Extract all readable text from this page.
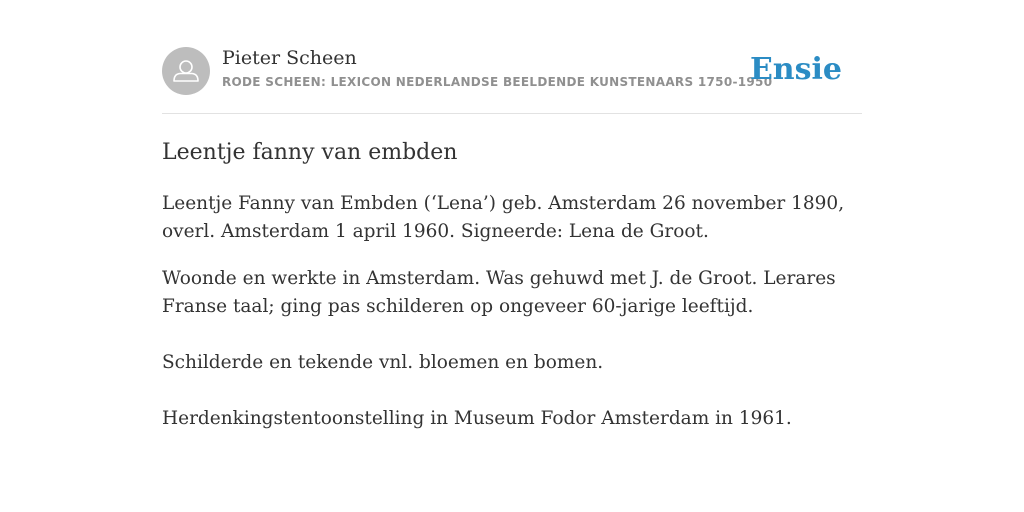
Pieter Scheen
RODE SCHEEN: LEXICON NEDERLANDSE BEELDENDE KUNSTENAARS 1750-1950
Ensie
Leentje fanny van embden

Leentje Fanny van Embden (‘Lena’) geb. Amsterdam 26 november 1890, overl. Amsterdam 1 april 1960. Signeerde: Lena de Groot.

Woonde en werkte in Amsterdam. Was gehuwd met J. de Groot. Lerares Franse taal; ging pas schilderen op ongeveer 60-jarige leeftijd.

Schilderde en tekende vnl. bloemen en bomen.

Herdenkingstentoonstelling in Museum Fodor Amsterdam in 1961.
